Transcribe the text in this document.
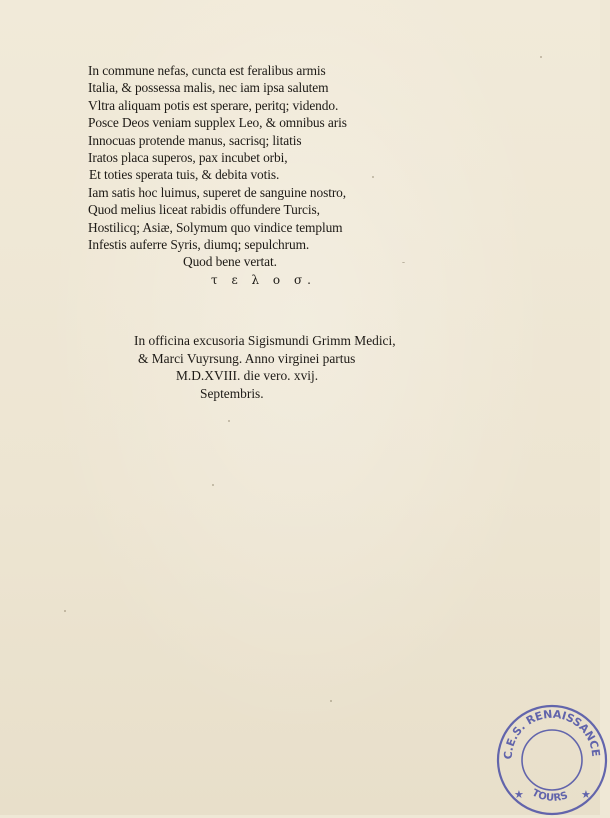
In commune nefas, cuncta est feralibus armis
Italia, & possessa malis, nec iam ipsa salutem
Vltra aliquam potis est sperare, peritq; videndo.
Posce Deos veniam supplex Leo, & omnibus aris
Innocuas protende manus, sacrisq; litatis
Iratos placa superos, pax incubet orbi,
Et toties sperata tuis, & debita votis.
Iam satis hoc luimus, superet de sanguine nostro,
Quod melius liceat rabidis offundere Turcis,
Hostilicq; Asiæ, Solymum quo vindice templum
Infestis auferre Syris, diumq; sepulchrum.
Quod bene vertat.
τ ε λ ο σ.
In officina excusoria Sigismundi Grimm Medici,
& Marci Vuyrsung. Anno virginei partus
M.D.XVIII. die vero. xvij.
Septembris.
C.E.S. RENAISSANCE
TOURS
★	★
